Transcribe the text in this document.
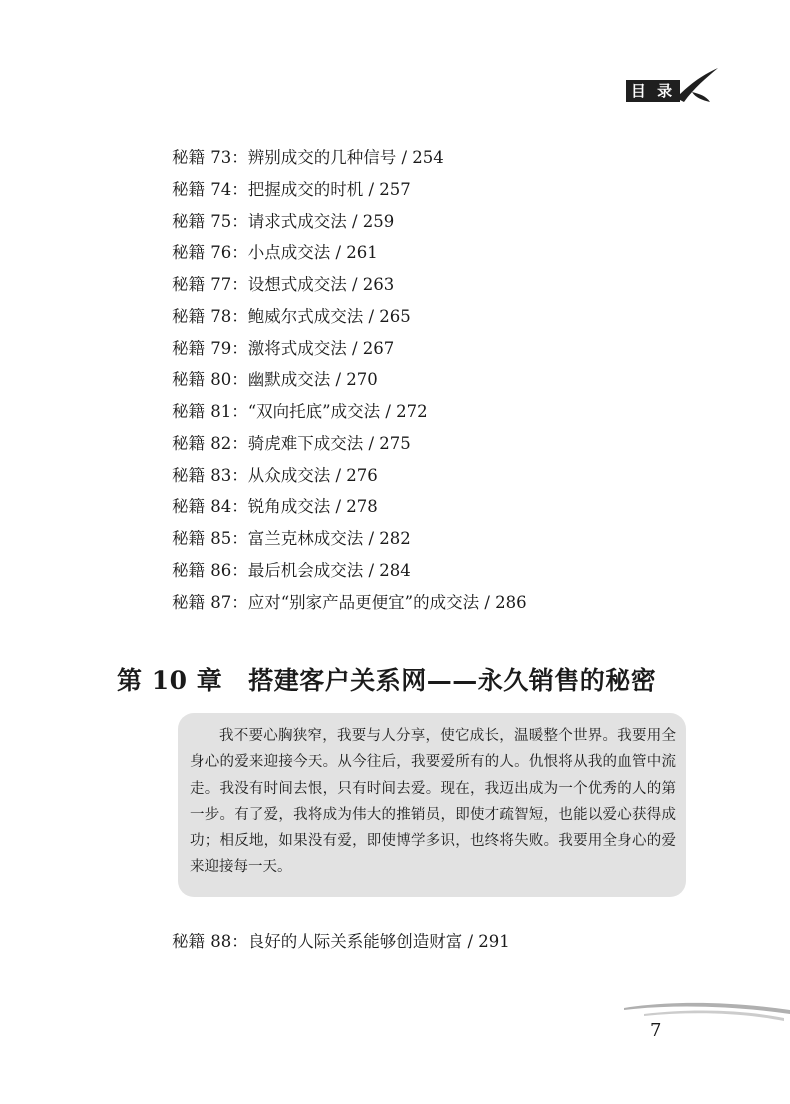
目 录
秘籍 73：辨别成交的几种信号 / 254
秘籍 74：把握成交的时机 / 257
秘籍 75：请求式成交法 / 259
秘籍 76：小点成交法 / 261
秘籍 77：设想式成交法 / 263
秘籍 78：鲍威尔式成交法 / 265
秘籍 79：激将式成交法 / 267
秘籍 80：幽默成交法 / 270
秘籍 81：“双向托底”成交法 / 272
秘籍 82：骑虎难下成交法 / 275
秘籍 83：从众成交法 / 276
秘籍 84：锐角成交法 / 278
秘籍 85：富兰克林成交法 / 282
秘籍 86：最后机会成交法 / 284
秘籍 87：应对“别家产品更便宜”的成交法 / 286
第 10 章 搭建客户关系网——永久销售的秘密
我不要心胸狭窄，我要与人分享，使它成长，温暖整个世界。我要用全身心的爱来迎接今天。从今往后，我要爱所有的人。仇恨将从我的血管中流走。我没有时间去恨，只有时间去爱。现在，我迈出成为一个优秀的人的第一步。有了爱，我将成为伟大的推销员，即使才疏智短，也能以爱心获得成功；相反地，如果没有爱，即使博学多识，也终将失败。我要用全身心的爱来迎接每一天。
秘籍 88：良好的人际关系能够创造财富 / 291
7
